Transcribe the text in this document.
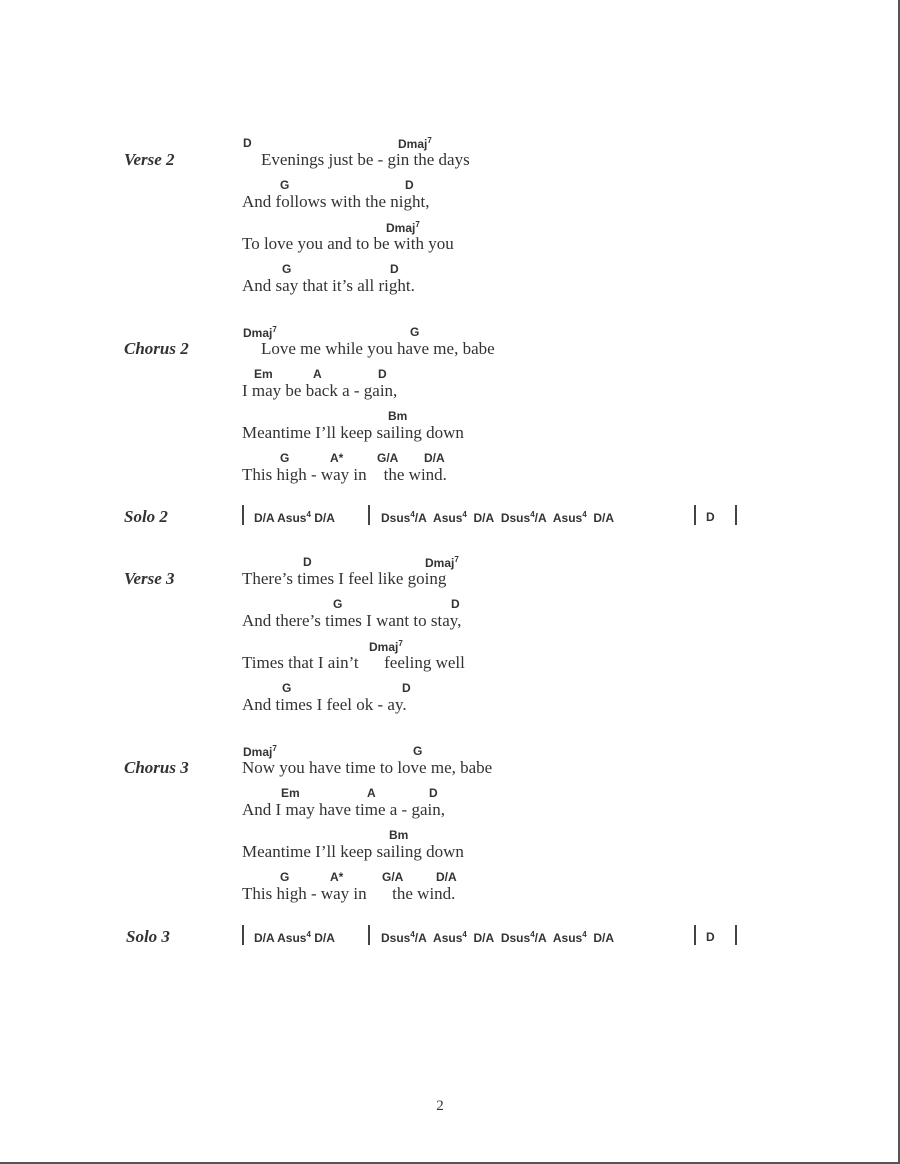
Verse 2
D	Dmaj$^7$
Evenings just be - gin the days
G	D
And follows with the night,
Dmaj$^7$
To love you and to be with you
G	D
And say that it’s all right.
Chorus 2
Dmaj$^7$	G
Love me while you have me, babe
Em	A	D
I may be back a - gain,
Bm
Meantime I’ll keep sailing down
G	A*	G/A D/A
This high - way in    the wind.
Solo 2	D/A Asus$^4$ D/A	Dsus$^4$/A Asus$^4$ D/A Dsus$^4$/A Asus$^4$ D/A	D
Verse 3
D	Dmaj$^7$
There’s times I feel like going
G	D
And there’s times I want to stay,
Dmaj$^7$
Times that I ain’t      feeling well
G	D
And times I feel ok - ay.
Chorus 3
Dmaj$^7$	G
Now you have time to love me, babe
Em	A	D
And I may have time a - gain,
Bm
Meantime I’ll keep sailing down
G	A*	G/A	D/A
This high - way in      the wind.
Solo 3	D/A Asus$^4$ D/A	Dsus$^4$/A Asus$^4$ D/A Dsus$^4$/A Asus$^4$ D/A	D
2
